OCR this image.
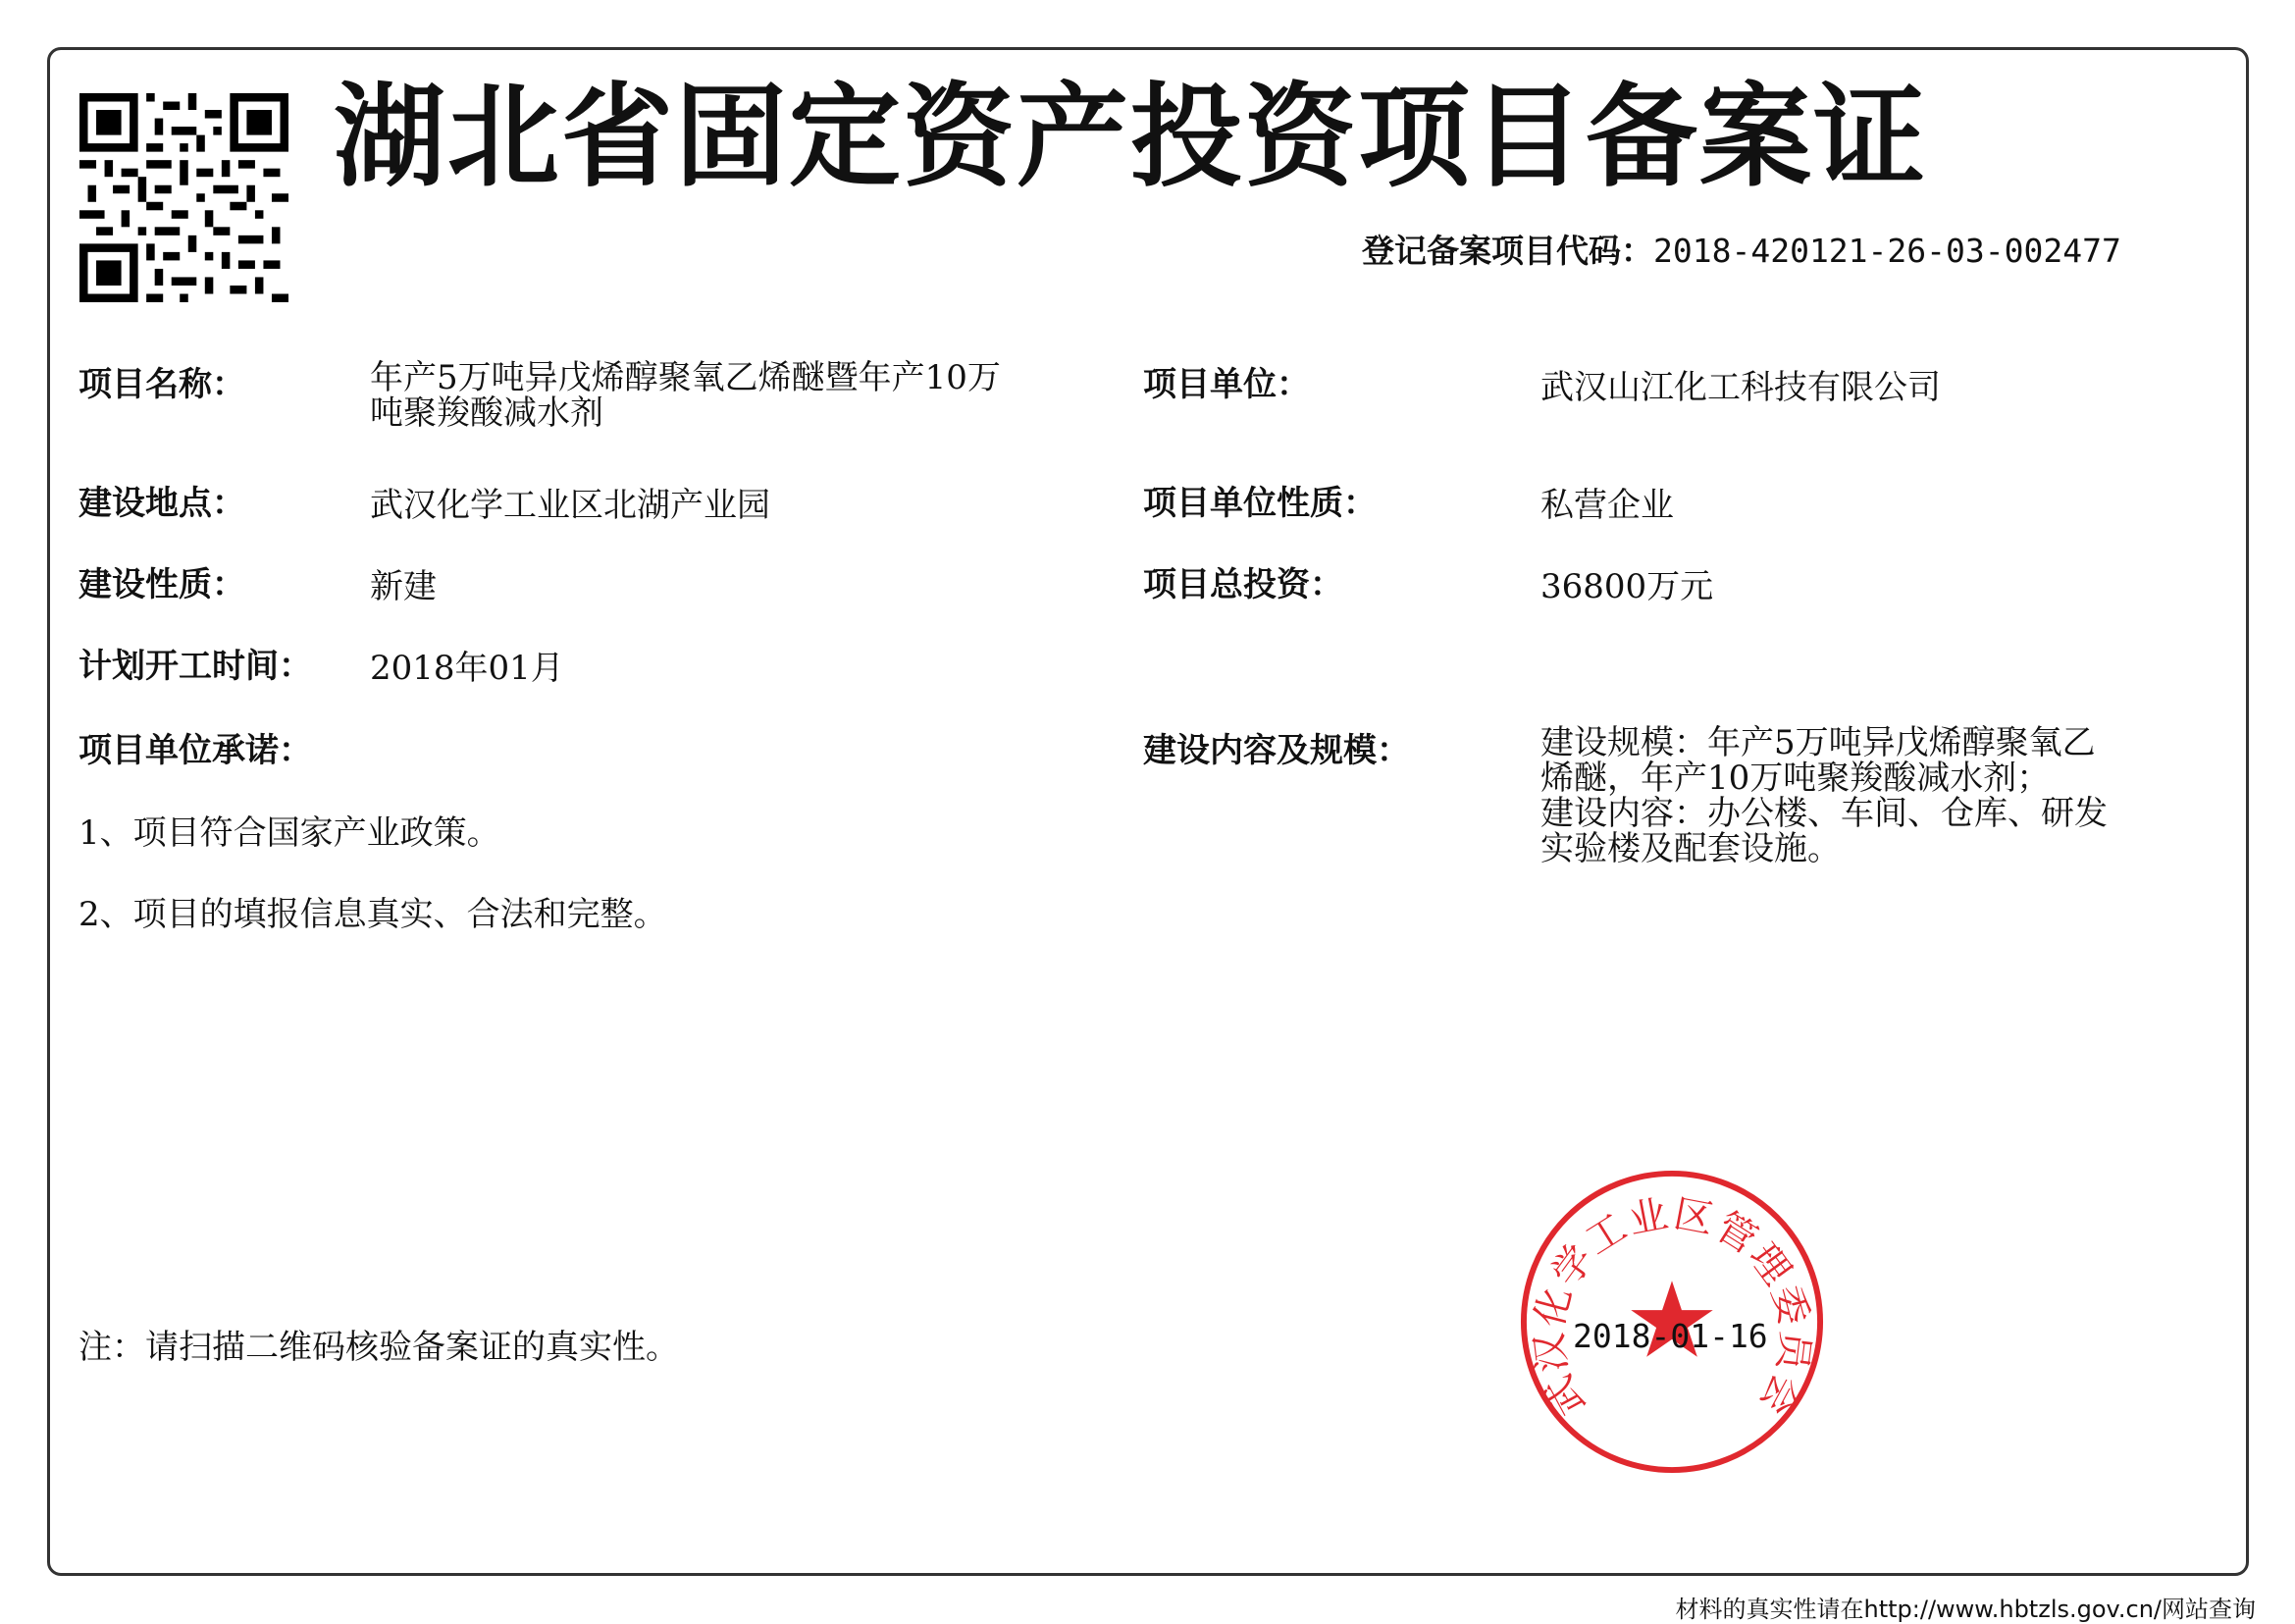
湖北省固定资产投资项目备案证
登记备案项目代码：2018-420121-26-03-002477
项目名称：	年产5万吨异戊烯醇聚氧乙烯醚暨年产10万
吨聚羧酸减水剂
建设地点：	武汉化学工业区北湖产业园
建设性质：	新建
计划开工时间： 2018年01月
项目单位承诺：
1、项目符合国家产业政策。
2、项目的填报信息真实、合法和完整。
项目单位：	武汉山江化工科技有限公司
项目单位性质：	私营企业
项目总投资：	36800万元
建设内容及规模：	建设规模：年产5万吨异戊烯醇聚氧乙
烯醚，年产10万吨聚羧酸减水剂；
建设内容：办公楼、车间、仓库、研发
实验楼及配套设施。
注：请扫描二维码核验备案证的真实性。
武汉化学工业区管理委员会
2018-01-16
材料的真实性请在http://www.hbtzls.gov.cn/网站查询
